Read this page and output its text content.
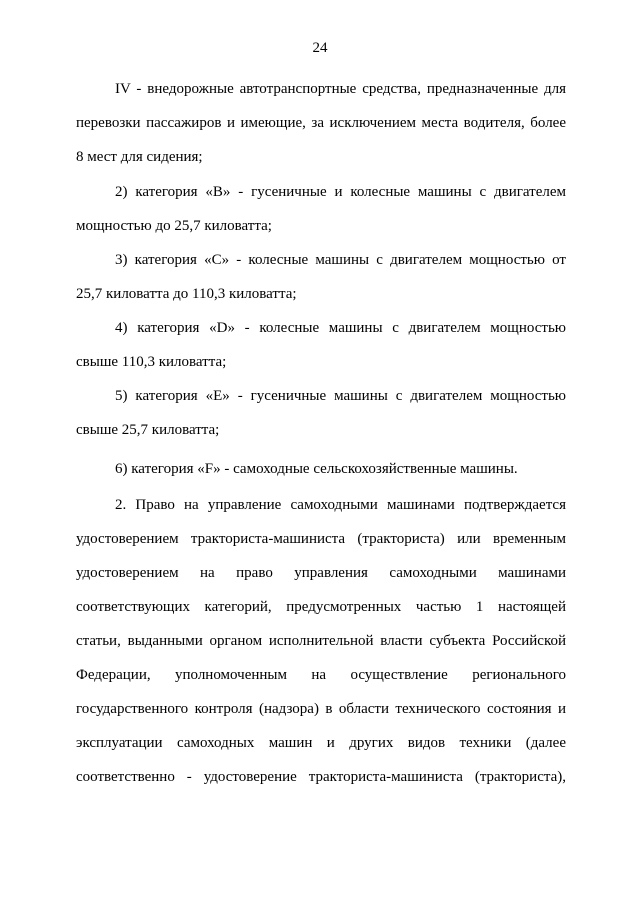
24
IV - внедорожные автотранспортные средства, предназначенные для
перевозки пассажиров и имеющие, за исключением места водителя, более
8 мест для сидения;
2) категория «B» - гусеничные и колесные машины с двигателем
мощностью до 25,7 киловатта;
3) категория «C» - колесные машины с двигателем мощностью от
25,7 киловатта до 110,3 киловатта;
4) категория «D» - колесные машины с двигателем мощностью
свыше 110,3 киловатта;
5) категория «E» - гусеничные машины с двигателем мощностью
свыше 25,7 киловатта;
6) категория «F» - самоходные сельскохозяйственные машины.
2. Право на управление самоходными машинами подтверждается
удостоверением тракториста-машиниста (тракториста) или временным
удостоверением на право управления самоходными машинами
соответствующих категорий, предусмотренных частью 1 настоящей
статьи, выданными органом исполнительной власти субъекта Российской
Федерации, уполномоченным на осуществление регионального
государственного контроля (надзора) в области технического состояния и
эксплуатации самоходных машин и других видов техники (далее
соответственно - удостоверение тракториста-машиниста (тракториста),
